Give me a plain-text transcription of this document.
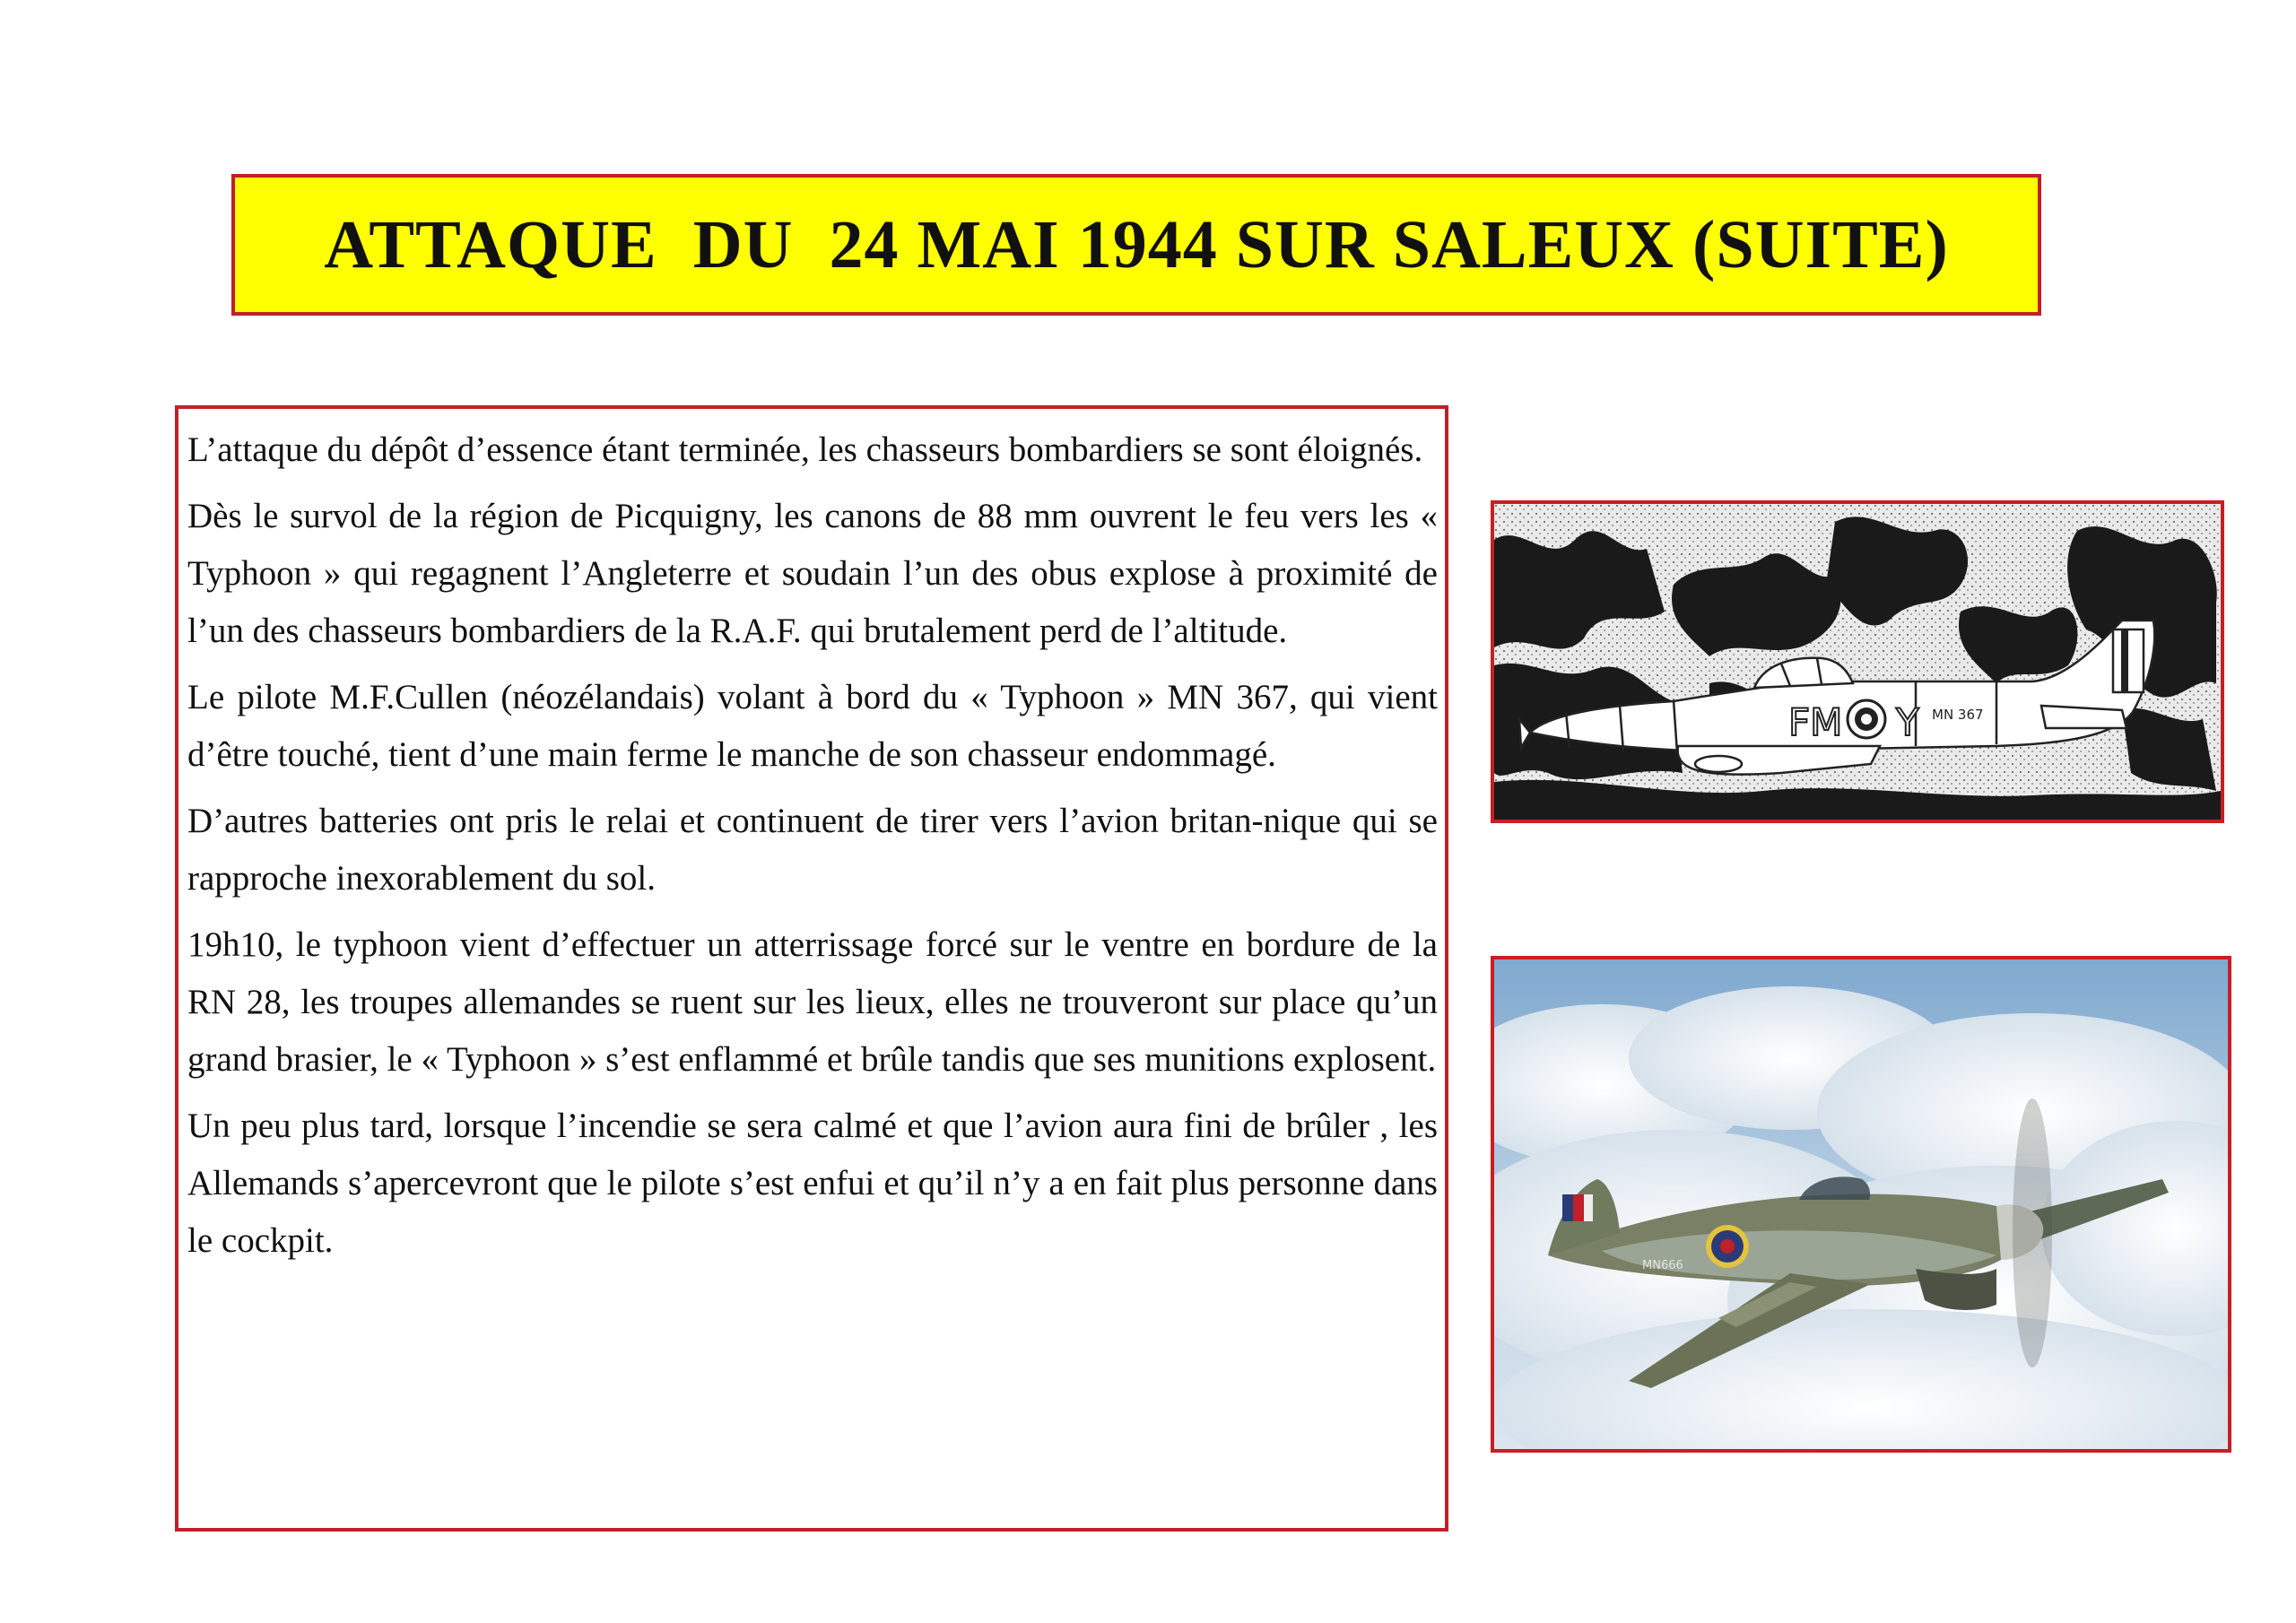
ATTAQUE  DU  24 MAI 1944 SUR SALEUX (SUITE)

L’attaque du dépôt d’essence étant terminée, les chasseurs bombardiers se sont éloignés.

Dès le survol de la région de Picquigny, les canons de 88 mm ouvrent le feu vers les « Typhoon » qui regagnent l’Angleterre et soudain l’un des obus explose à proximité de l’un des chasseurs bombardiers de la R.A.F. qui brutalement perd de l’altitude.

Le pilote M.F.Cullen (néozélandais) volant à bord du « Typhoon » MN 367, qui vient d’être touché, tient d’une main ferme le manche de son chasseur endommagé.

D’autres batteries ont pris le relai et continuent de tirer vers l’avion britan-nique qui se rapproche inexorablement du sol.

19h10, le typhoon vient d’effectuer un atterrissage forcé sur le ventre en bordure de la RN 28, les troupes allemandes se ruent sur les lieux, elles ne trouveront sur place qu’un grand brasier, le « Typhoon » s’est enflammé et brûle tandis que ses munitions explosent.

Un peu plus tard, lorsque l’incendie se sera calmé et que l’avion aura fini de brûler , les Allemands s’apercevront que le pilote s’est enfui et qu’il n’y a en fait plus personne dans le cockpit.

FM Y MN 367
MN666
